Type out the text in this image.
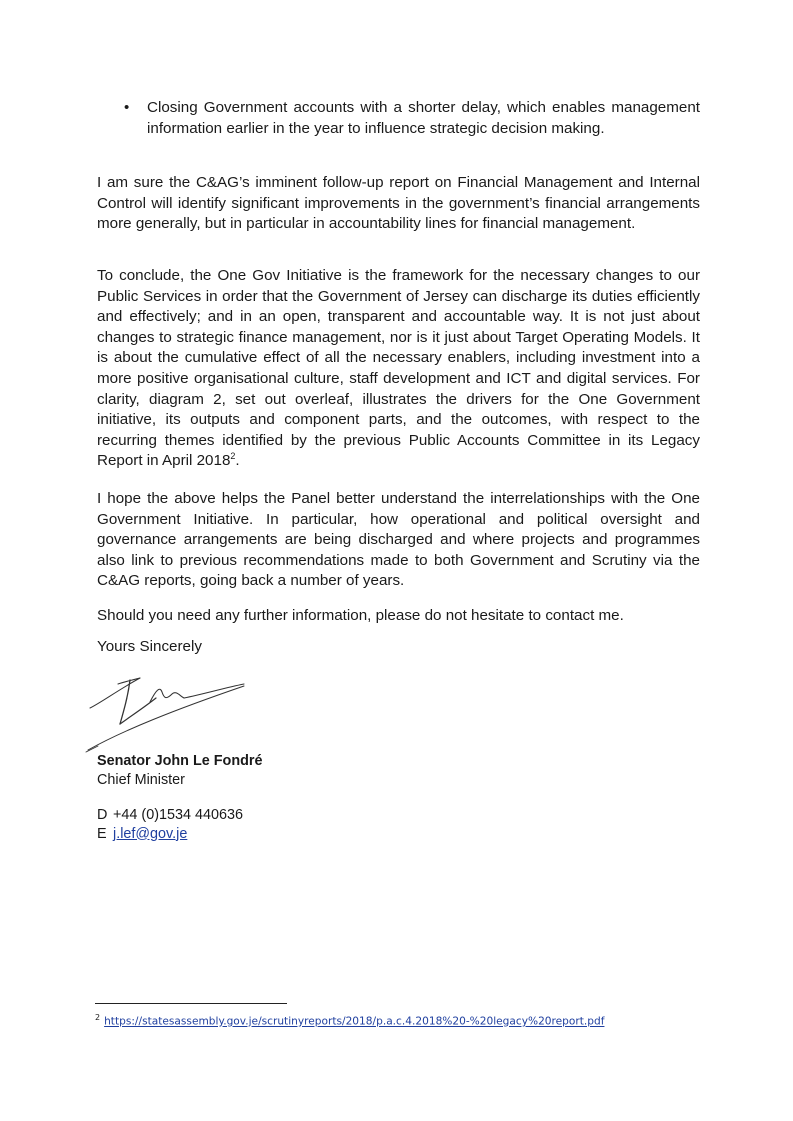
•	Closing Government accounts with a shorter delay, which enables management information earlier in the year to influence strategic decision making.

I am sure the C&AG’s imminent follow-up report on Financial Management and Internal Control will identify significant improvements in the government’s financial arrangements more generally, but in particular in accountability lines for financial management.

To conclude, the One Gov Initiative is the framework for the necessary changes to our Public Services in order that the Government of Jersey can discharge its duties efficiently and effectively; and in an open, transparent and accountable way. It is not just about changes to strategic finance management, nor is it just about Target Operating Models. It is about the cumulative effect of all the necessary enablers, including investment into a more positive organisational culture, staff development and ICT and digital services. For clarity, diagram 2, set out overleaf, illustrates the drivers for the One Government initiative, its outputs and component parts, and the outcomes, with respect to the recurring themes identified by the previous Public Accounts Committee in its Legacy Report in April 2018$^2$.

I hope the above helps the Panel better understand the interrelationships with the One Government Initiative. In particular, how operational and political oversight and governance arrangements are being discharged and where projects and programmes also link to previous recommendations made to both Government and Scrutiny via the C&AG reports, going back a number of years.

Should you need any further information, please do not hesitate to contact me.

Yours Sincerely

Senator John Le Fondré

Chief Minister

D +44 (0)1534 440636
E j.lef@gov.je
$^2$ https://statesassembly.gov.je/scrutinyreports/2018/p.a.c.4.2018%20-%20legacy%20report.pdf
